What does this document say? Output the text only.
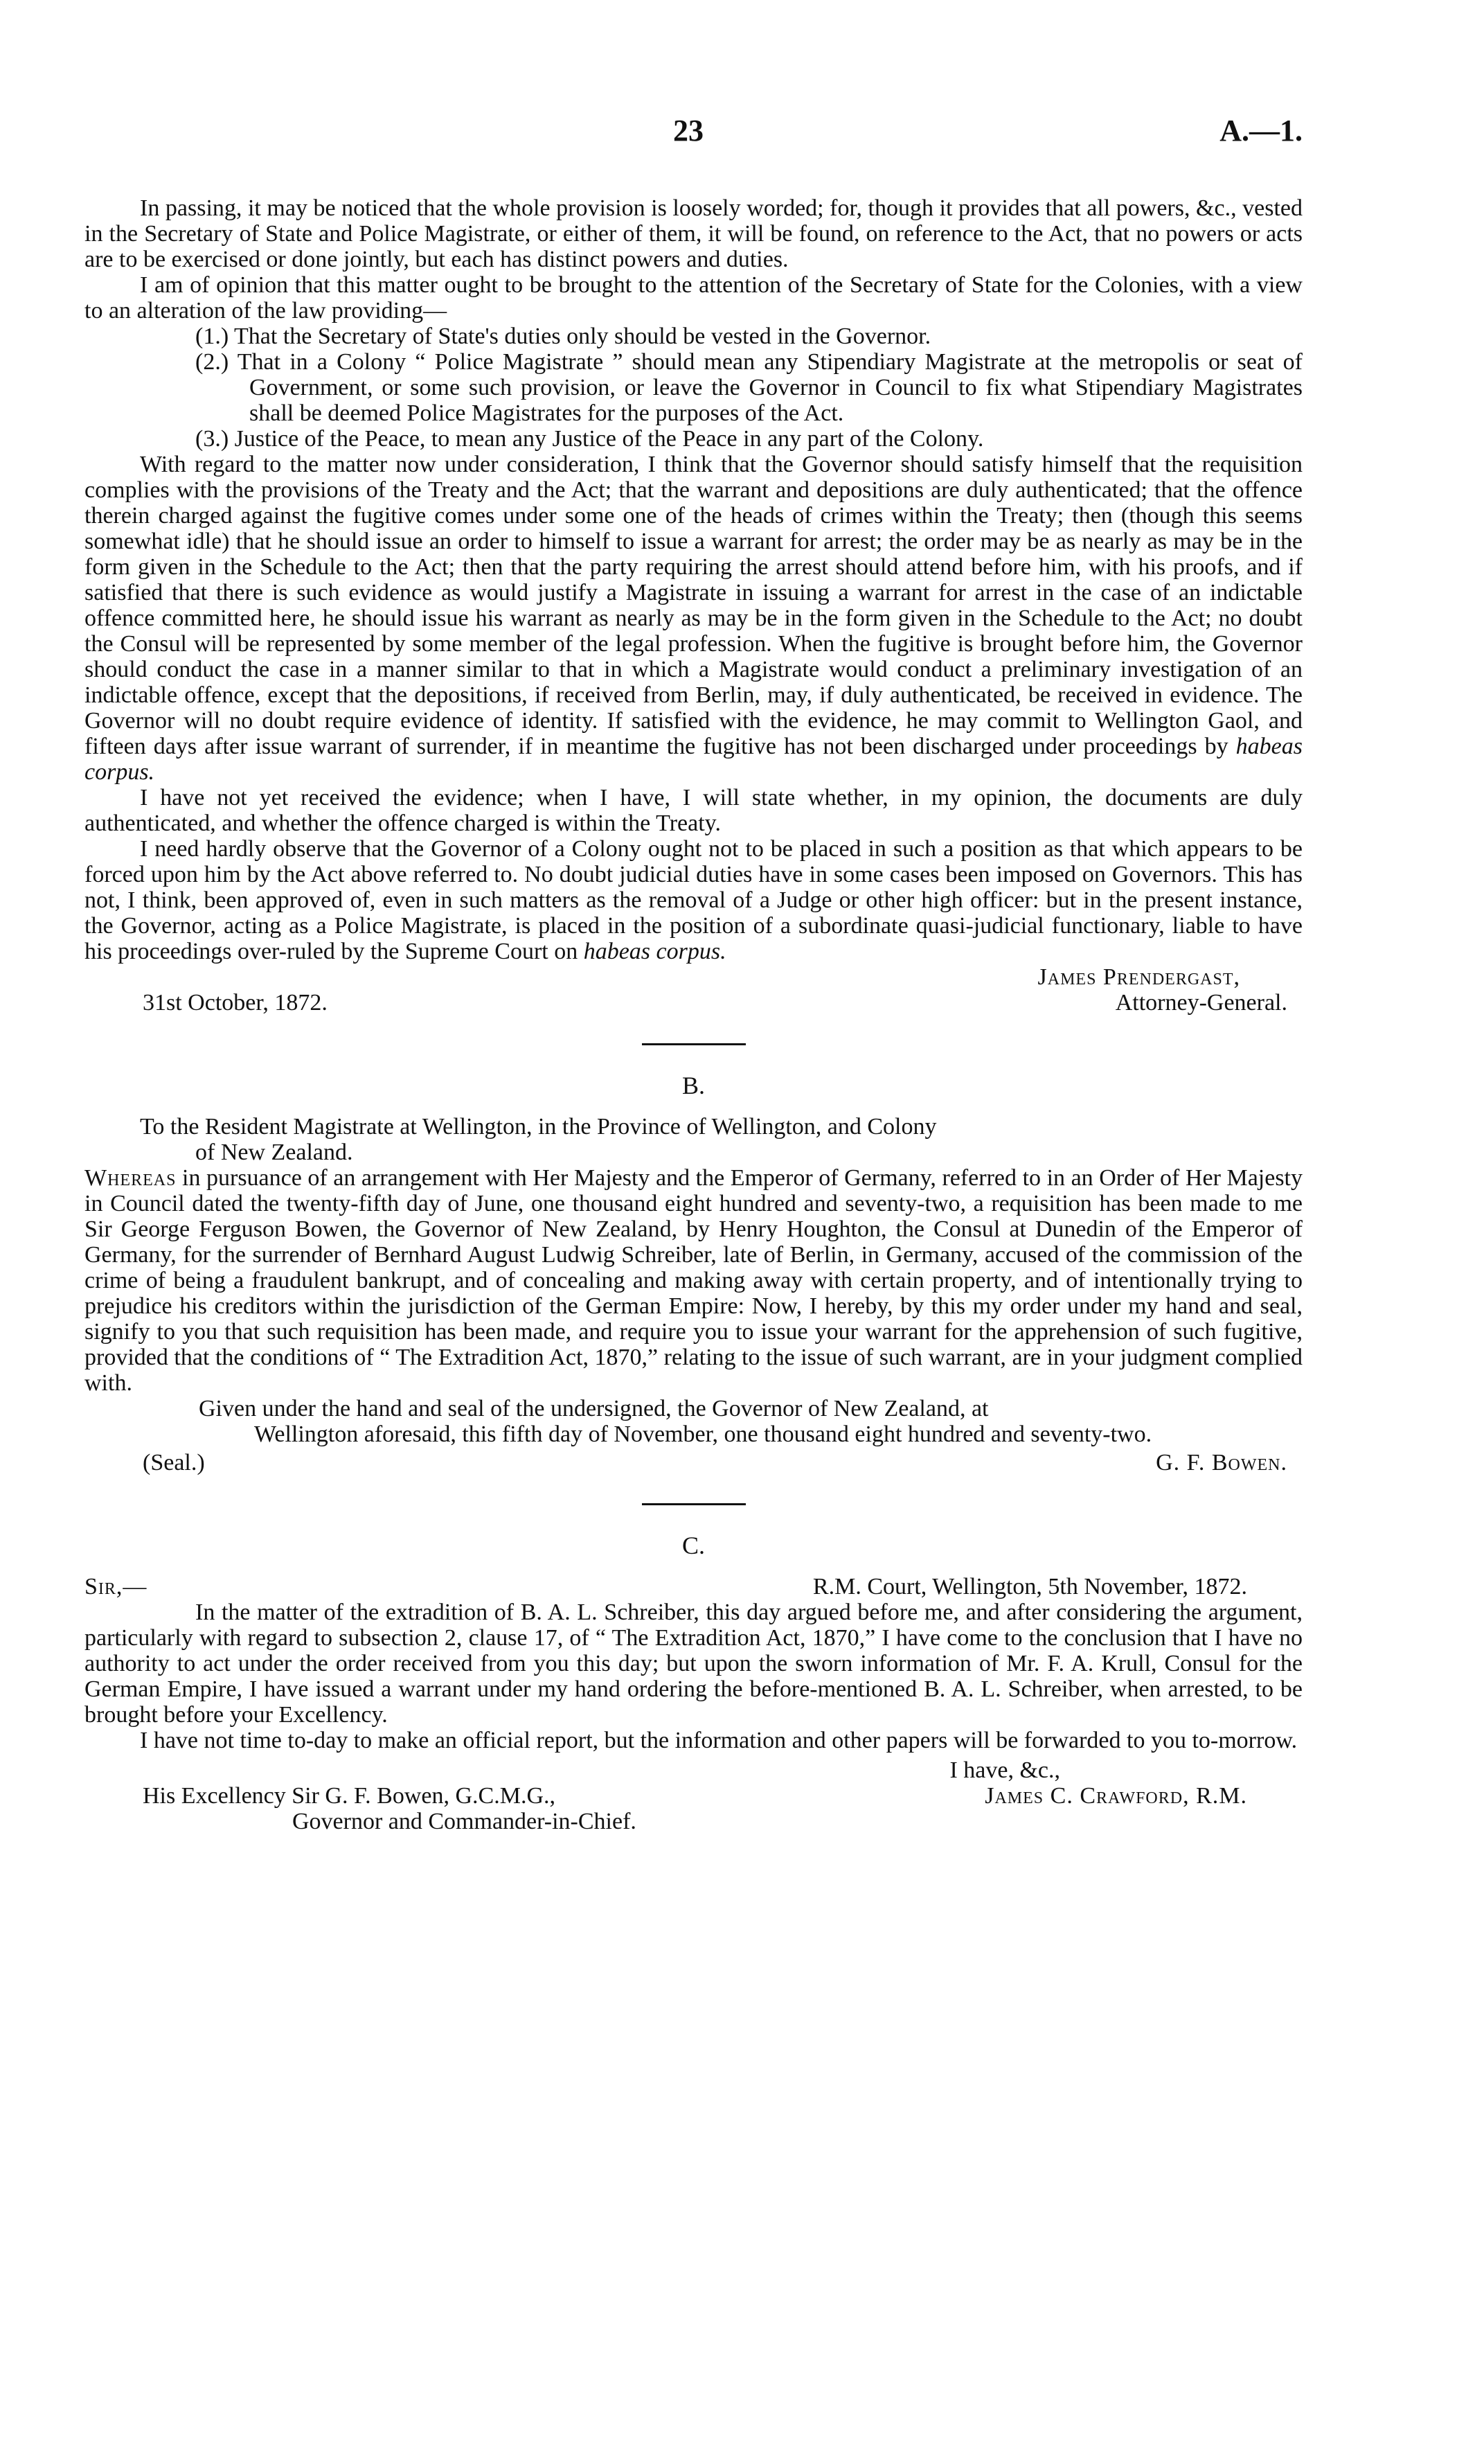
23	A.—1.

In passing, it may be noticed that the whole provision is loosely worded; for, though it provides that all powers, &c., vested in the Secretary of State and Police Magistrate, or either of them, it will be found, on reference to the Act, that no powers or acts are to be exercised or done jointly, but each has distinct powers and duties.

I am of opinion that this matter ought to be brought to the attention of the Secretary of State for the Colonies, with a view to an alteration of the law providing—

(1.) That the Secretary of State's duties only should be vested in the Governor.

(2.) That in a Colony “ Police Magistrate ” should mean any Stipendiary Magistrate at the metropolis or seat of Government, or some such provision, or leave the Governor in Council to fix what Stipendiary Magistrates shall be deemed Police Magistrates for the purposes of the Act.

(3.) Justice of the Peace, to mean any Justice of the Peace in any part of the Colony.

With regard to the matter now under consideration, I think that the Governor should satisfy himself that the requisition complies with the provisions of the Treaty and the Act; that the warrant and depositions are duly authenticated; that the offence therein charged against the fugitive comes under some one of the heads of crimes within the Treaty; then (though this seems somewhat idle) that he should issue an order to himself to issue a warrant for arrest; the order may be as nearly as may be in the form given in the Schedule to the Act; then that the party requiring the arrest should attend before him, with his proofs, and if satisfied that there is such evidence as would justify a Magistrate in issuing a warrant for arrest in the case of an indictable offence committed here, he should issue his warrant as nearly as may be in the form given in the Schedule to the Act; no doubt the Consul will be represented by some member of the legal profession. When the fugitive is brought before him, the Governor should conduct the case in a manner similar to that in which a Magistrate would conduct a preliminary investigation of an indictable offence, except that the depositions, if received from Berlin, may, if duly authenticated, be received in evidence. The Governor will no doubt require evidence of identity. If satisfied with the evidence, he may commit to Wellington Gaol, and fifteen days after issue warrant of surrender, if in meantime the fugitive has not been discharged under proceedings by habeas corpus.

I have not yet received the evidence; when I have, I will state whether, in my opinion, the documents are duly authenticated, and whether the offence charged is within the Treaty.

I need hardly observe that the Governor of a Colony ought not to be placed in such a position as that which appears to be forced upon him by the Act above referred to. No doubt judicial duties have in some cases been imposed on Governors. This has not, I think, been approved of, even in such matters as the removal of a Judge or other high officer: but in the present instance, the Governor, acting as a Police Magistrate, is placed in the position of a subordinate quasi-judicial functionary, liable to have his proceedings over-ruled by the Supreme Court on habeas corpus.

James Prendergast,

31st October, 1872.	Attorney-General.
B.

To the Resident Magistrate at Wellington, in the Province of Wellington, and Colony
of New Zealand.

Whereas in pursuance of an arrangement with Her Majesty and the Emperor of Germany, referred to in an Order of Her Majesty in Council dated the twenty-fifth day of June, one thousand eight hundred and seventy-two, a requisition has been made to me Sir George Ferguson Bowen, the Governor of New Zealand, by Henry Houghton, the Consul at Dunedin of the Emperor of Germany, for the surrender of Bernhard August Ludwig Schreiber, late of Berlin, in Germany, accused of the commission of the crime of being a fraudulent bankrupt, and of concealing and making away with certain property, and of intentionally trying to prejudice his creditors within the jurisdiction of the German Empire: Now, I hereby, by this my order under my hand and seal, signify to you that such requisition has been made, and require you to issue your warrant for the apprehension of such fugitive, provided that the conditions of “ The Extradition Act, 1870,” relating to the issue of such warrant, are in your judgment complied with.

Given under the hand and seal of the undersigned, the Governor of New Zealand, at
Wellington aforesaid, this fifth day of November, one thousand eight hundred and seventy-two.

(Seal.)	G. F. Bowen.
C.
Sir,—	R.M. Court, Wellington, 5th November, 1872.

In the matter of the extradition of B. A. L. Schreiber, this day argued before me, and after considering the argument, particularly with regard to subsection 2, clause 17, of “ The Extradition Act, 1870,” I have come to the conclusion that I have no authority to act under the order received from you this day; but upon the sworn information of Mr. F. A. Krull, Consul for the German Empire, I have issued a warrant under my hand ordering the before-mentioned B. A. L. Schreiber, when arrested, to be brought before your Excellency.

I have not time to-day to make an official report, but the information and other papers will be forwarded to you to-morrow.

I have, &c.,

His Excellency Sir G. F. Bowen, G.C.M.G.,	James C. Crawford, R.M.

Governor and Commander-in-Chief.
